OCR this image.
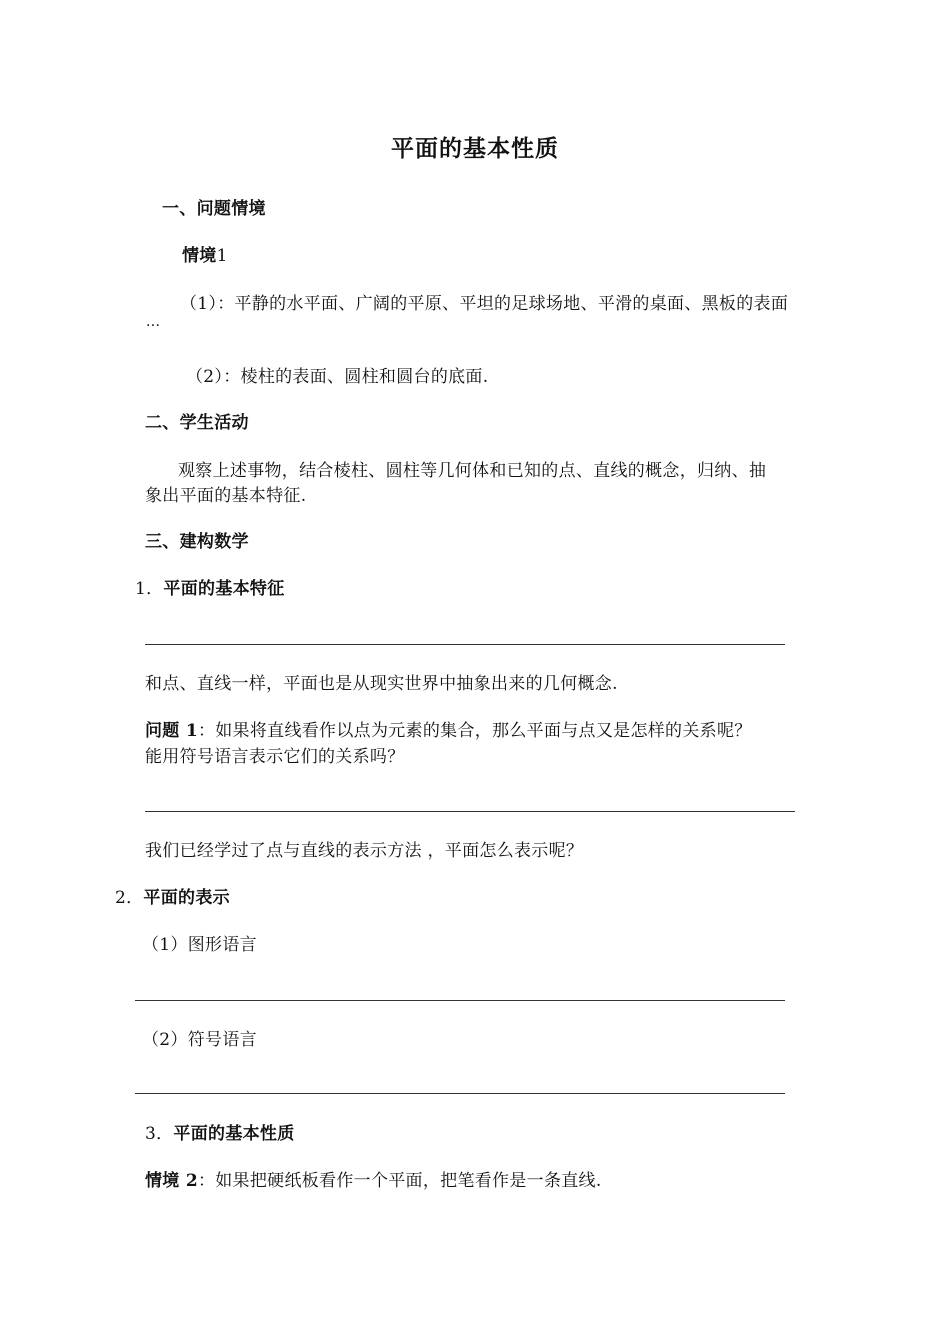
平面的基本性质
一、问题情境
情境1
（1）：平静的水平面、广阔的平原、平坦的足球场地、平滑的桌面、黑板的表面
···
（2）：棱柱的表面、圆柱和圆台的底面.
二、学生活动
观察上述事物，结合棱柱、圆柱等几何体和已知的点、直线的概念，归纳、抽
象出平面的基本特征.
三、建构数学
1．平面的基本特征
和点、直线一样，平面也是从现实世界中抽象出来的几何概念.
问题 1：如果将直线看作以点为元素的集合，那么平面与点又是怎样的关系呢？
能用符号语言表示它们的关系吗？
我们已经学过了点与直线的表示方法 ，平面怎么表示呢？
2．平面的表示
（1）图形语言
（2）符号语言
3．平面的基本性质
情境 2：如果把硬纸板看作一个平面，把笔看作是一条直线.
